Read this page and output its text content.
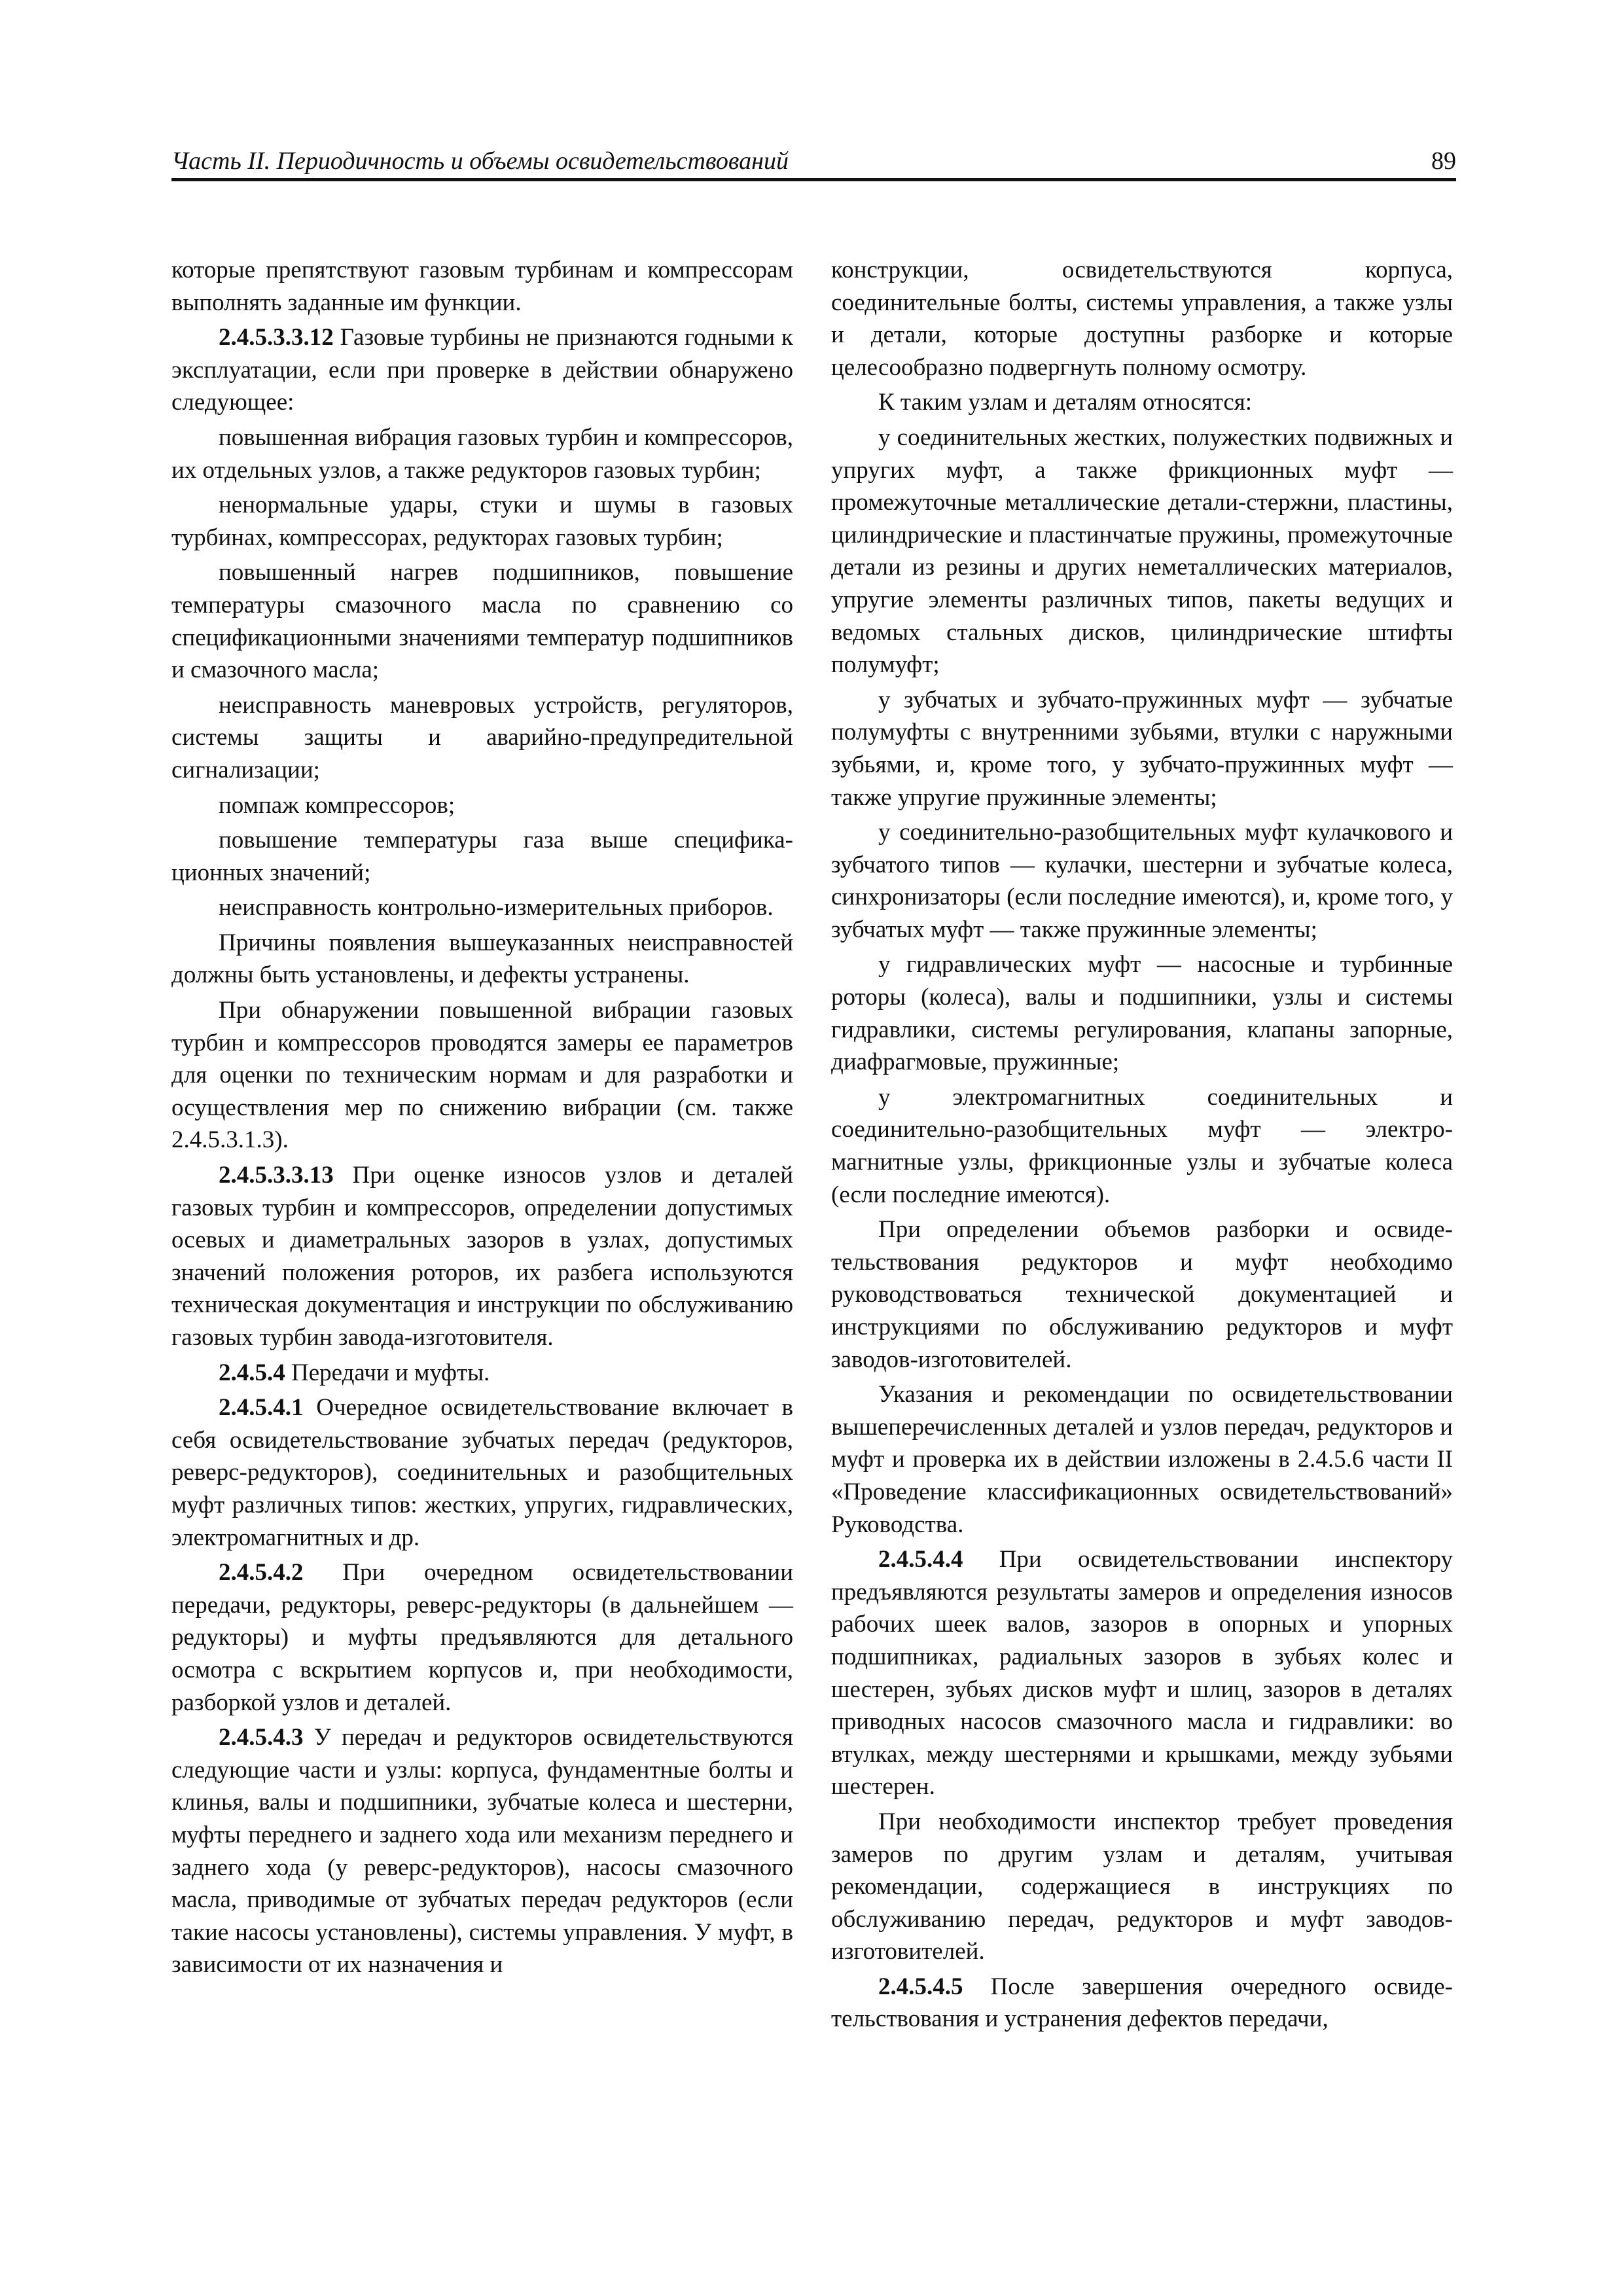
Часть II. Периодичность и объемы освидетельствований	89

которые препятствуют газовым турбинам и компрессорам выполнять заданные им функции.

2.4.5.3.3.12 Газовые турбины не признаются годными к эксплуатации, если при проверке в действии обнаружено следующее:

повышенная вибрация газовых турбин и компрессоров, их отдельных узлов, а также редукторов газовых турбин;

ненормальные удары, стуки и шумы в газовых турбинах, компрессорах, редукторах газовых турбин;

повышенный нагрев подшипников, повышение температуры смазочного масла по сравнению со спецификационными значениями температур подшипников и смазочного масла;

неисправность маневровых устройств, регуляторов, системы защиты и аварийно-предупредительной сигнализации;

помпаж компрессоров;

повышение температуры газа выше спецификационных значений;

неисправность контрольно-измерительных приборов.

Причины появления вышеуказанных неисправностей должны быть установлены, и дефекты устранены.

При обнаружении повышенной вибрации газовых турбин и компрессоров проводятся замеры ее параметров для оценки по техническим нормам и для разработки и осуществления мер по снижению вибрации (см. также 2.4.5.3.1.3).

2.4.5.3.3.13 При оценке износов узлов и деталей газовых турбин и компрессоров, определении допустимых осевых и диаметральных зазоров в узлах, допустимых значений положения роторов, их разбега используются техническая документация и инструкции по обслуживанию газовых турбин завода-изготовителя.

2.4.5.4 Передачи и муфты.

2.4.5.4.1 Очередное освидетельствование включает в себя освидетельствование зубчатых передач (редукторов, реверс-редукторов), соединительных и разобщительных муфт различных типов: жестких, упругих, гидравлических, электромагнитных и др.

2.4.5.4.2 При очередном освидетельствовании передачи, редукторы, реверс-редукторы (в дальнейшем — редукторы) и муфты предъявляются для детального осмотра с вскрытием корпусов и, при необходимости, разборкой узлов и деталей.

2.4.5.4.3 У передач и редукторов освидетельствуются следующие части и узлы: корпуса, фундаментные болты и клинья, валы и подшипники, зубчатые колеса и шестерни, муфты переднего и заднего хода или механизм переднего и заднего хода (у реверс-редукторов), насосы смазочного масла, приводимые от зубчатых передач редукторов (если такие насосы установлены), системы управления. У муфт, в зависимости от их назначения и

конструкции, освидетельствуются корпуса, соединительные болты, системы управления, а также узлы и детали, которые доступны разборке и которые целесообразно подвергнуть полному осмотру.

К таким узлам и деталям относятся:

у соединительных жестких, полужестких подвижных и упругих муфт, а также фрикционных муфт — промежуточные металлические детали-стержни, пластины, цилиндрические и пластинчатые пружины, промежуточные детали из резины и других неметаллических материалов, упругие элементы различных типов, пакеты ведущих и ведомых стальных дисков, цилиндрические штифты полумуфт;

у зубчатых и зубчато-пружинных муфт — зубчатые полумуфты с внутренними зубьями, втулки с наружными зубьями, и, кроме того, у зубчато-пружинных муфт — также упругие пружинные элементы;

у соединительно-разобщительных муфт кулачкового и зубчатого типов — кулачки, шестерни и зубчатые колеса, синхронизаторы (если последние имеются), и, кроме того, у зубчатых муфт — также пружинные элементы;

у гидравлических муфт — насосные и турбинные роторы (колеса), валы и подшипники, узлы и системы гидравлики, системы регулирования, клапаны запорные, диафрагмовые, пружинные;

у электромагнитных соединительных и соединительно-разобщительных муфт — электромагнитные узлы, фрикционные узлы и зубчатые колеса (если последние имеются).

При определении объемов разборки и освидетельствования редукторов и муфт необходимо руководствоваться технической документацией и инструкциями по обслуживанию редукторов и муфт заводов-изготовителей.

Указания и рекомендации по освидетельствовании вышеперечисленных деталей и узлов передач, редукторов и муфт и проверка их в действии изложены в 2.4.5.6 части II «Проведение классификационных освидетельствований» Руководства.

2.4.5.4.4 При освидетельствовании инспектору предъявляются результаты замеров и определения износов рабочих шеек валов, зазоров в опорных и упорных подшипниках, радиальных зазоров в зубьях колес и шестерен, зубьях дисков муфт и шлиц, зазоров в деталях приводных насосов смазочного масла и гидравлики: во втулках, между шестернями и крышками, между зубьями шестерен.

При необходимости инспектор требует проведения замеров по другим узлам и деталям, учитывая рекомендации, содержащиеся в инструкциях по обслуживанию передач, редукторов и муфт заводов-изготовителей.

2.4.5.4.5 После завершения очередного освидетельствования и устранения дефектов передачи,
